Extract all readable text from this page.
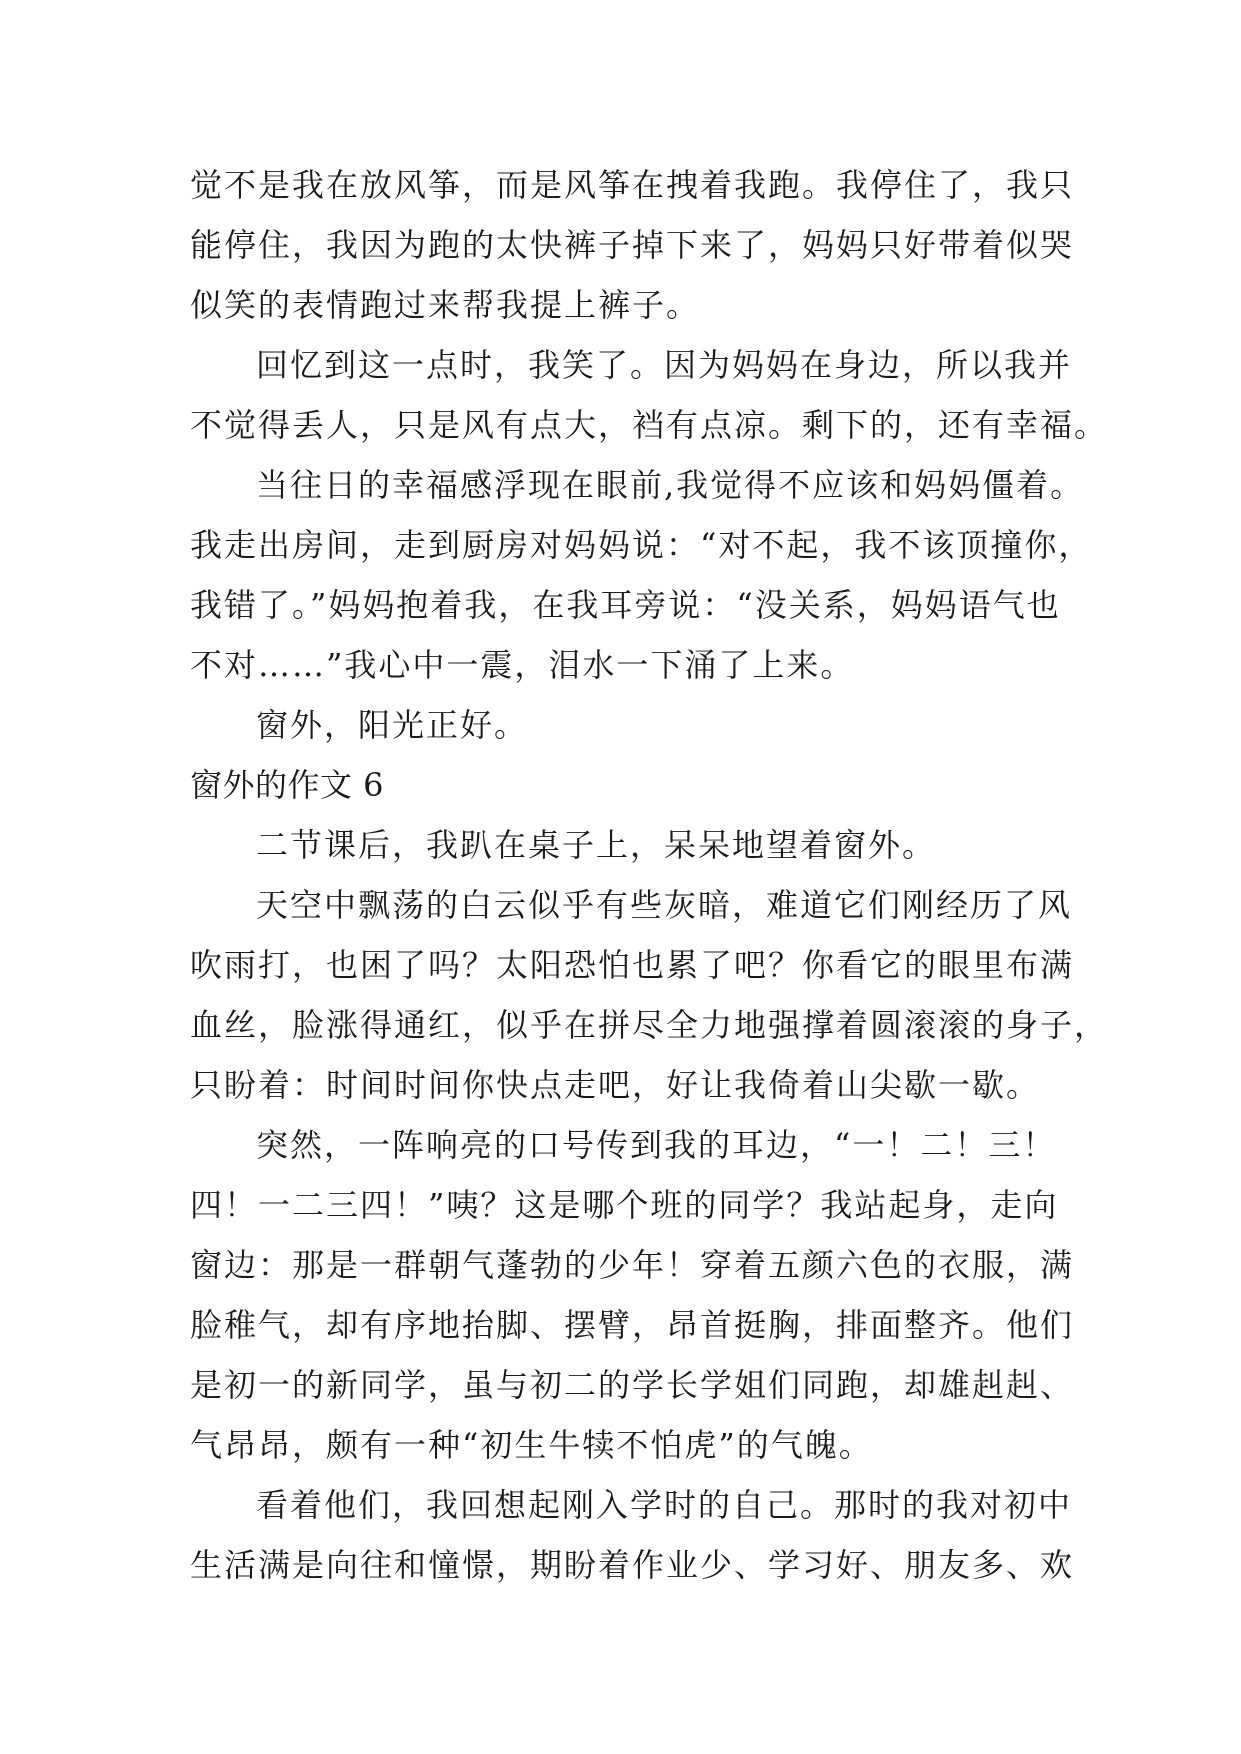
觉不是我在放风筝，而是风筝在拽着我跑。我停住了，我只

能停住，我因为跑的太快裤子掉下来了，妈妈只好带着似哭

似笑的表情跑过来帮我提上裤子。

回忆到这一点时，我笑了。因为妈妈在身边，所以我并

不觉得丢人，只是风有点大，裆有点凉。剩下的，还有幸福。

当往日的幸福感浮现在眼前,我觉得不应该和妈妈僵着。

我走出房间，走到厨房对妈妈说：“对不起，我不该顶撞你，

我错了。”妈妈抱着我，在我耳旁说：“没关系，妈妈语气也

不对……”我心中一震，泪水一下涌了上来。

窗外，阳光正好。

窗外的作文 6

二节课后，我趴在桌子上，呆呆地望着窗外。

天空中飘荡的白云似乎有些灰暗，难道它们刚经历了风

吹雨打，也困了吗？太阳恐怕也累了吧？你看它的眼里布满

血丝，脸涨得通红，似乎在拼尽全力地强撑着圆滚滚的身子，

只盼着：时间时间你快点走吧，好让我倚着山尖歇一歇。

突然，一阵响亮的口号传到我的耳边，“一！二！三！

四！一二三四！”咦？这是哪个班的同学？我站起身，走向

窗边：那是一群朝气蓬勃的少年！穿着五颜六色的衣服，满

脸稚气，却有序地抬脚、摆臂，昂首挺胸，排面整齐。他们

是初一的新同学，虽与初二的学长学姐们同跑，却雄赳赳、

气昂昂，颇有一种“初生牛犊不怕虎”的气魄。

看着他们，我回想起刚入学时的自己。那时的我对初中

生活满是向往和憧憬，期盼着作业少、学习好、朋友多、欢
